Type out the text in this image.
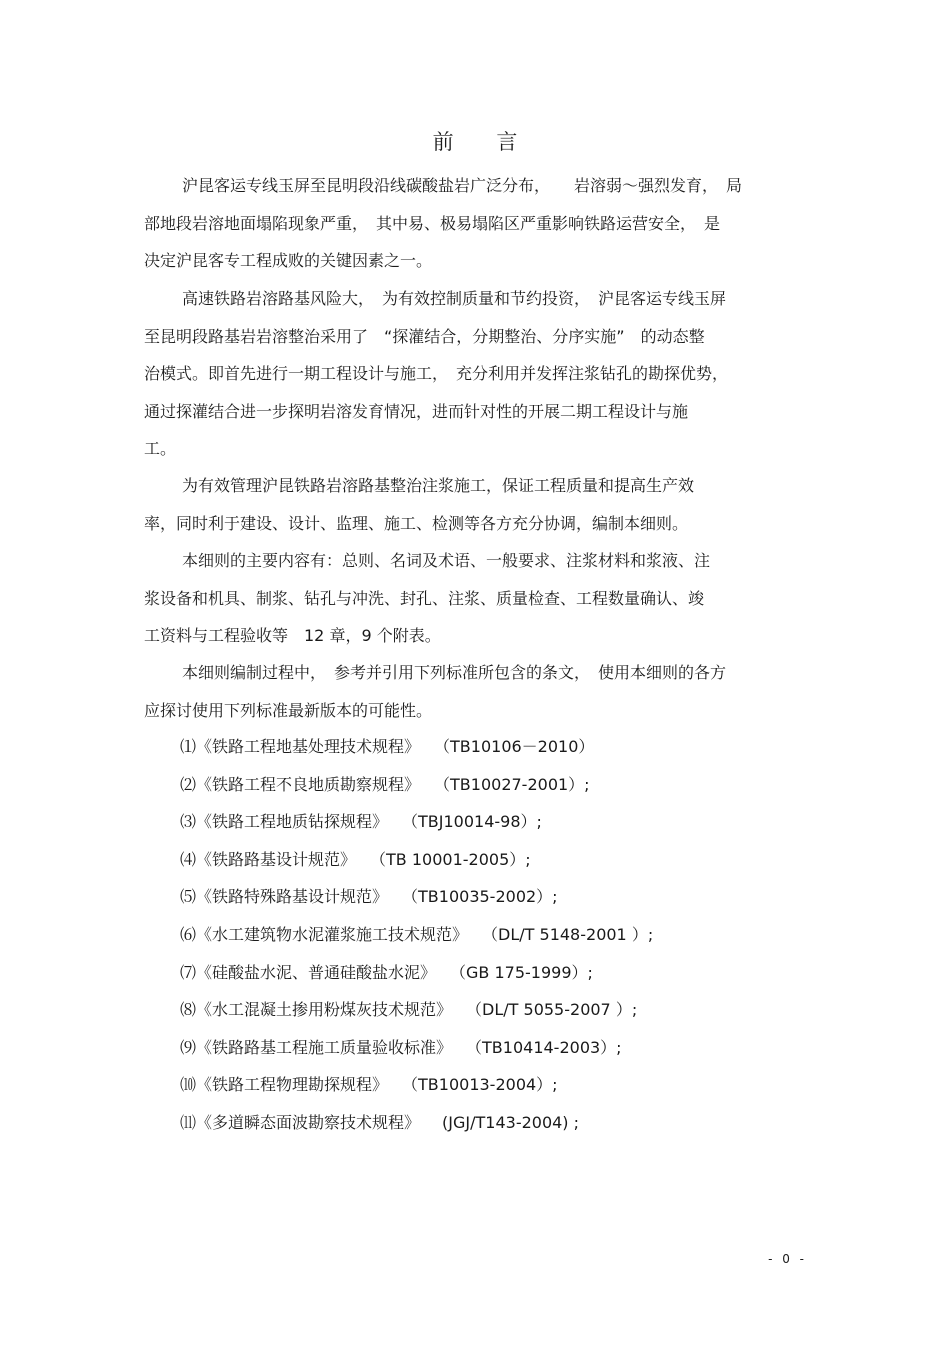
前 言
沪昆客运专线玉屏至昆明段沿线碳酸盐岩广泛分布，　　岩溶弱～强烈发育，　局
部地段岩溶地面塌陷现象严重，　其中易、极易塌陷区严重影响铁路运营安全，　是
决定沪昆客专工程成败的关键因素之一。
高速铁路岩溶路基风险大，　为有效控制质量和节约投资，　沪昆客运专线玉屏
至昆明段路基岩岩溶整治采用了　“探灌结合，分期整治、分序实施”　的动态整
治模式。即首先进行一期工程设计与施工，　充分利用并发挥注浆钻孔的勘探优势，
通过探灌结合进一步探明岩溶发育情况，进而针对性的开展二期工程设计与施
工。
为有效管理沪昆铁路岩溶路基整治注浆施工，保证工程质量和提高生产效
率，同时利于建设、设计、监理、施工、检测等各方充分协调，编制本细则。
本细则的主要内容有：总则、名词及术语、一般要求、注浆材料和浆液、注
浆设备和机具、制浆、钻孔与冲洗、封孔、注浆、质量检查、工程数量确认、竣
工资料与工程验收等　12 章，9 个附表。
本细则编制过程中，　参考并引用下列标准所包含的条文，　使用本细则的各方
应探讨使用下列标准最新版本的可能性。
⑴《铁路工程地基处理技术规程》 （TB10106－2010）
⑵《铁路工程不良地质勘察规程》 （TB10027-2001）;
⑶《铁路工程地质钻探规程》 （TBJ10014-98）;
⑷《铁路路基设计规范》 （TB 10001-2005）;
⑸《铁路特殊路基设计规范》 （TB10035-2002）;
⑹《水工建筑物水泥灌浆施工技术规范》 （DL/T 5148-2001 ）;
⑺《硅酸盐水泥、普通硅酸盐水泥》 （GB 175-1999）;
⑻《水工混凝土掺用粉煤灰技术规范》 （DL/T 5055-2007 ）;
⑼《铁路路基工程施工质量验收标准》 （TB10414-2003）;
⑽《铁路工程物理勘探规程》 （TB10013-2004）;
⑾《多道瞬态面波勘察技术规程》 (JGJ/T143-2004) ;
- 0 -
